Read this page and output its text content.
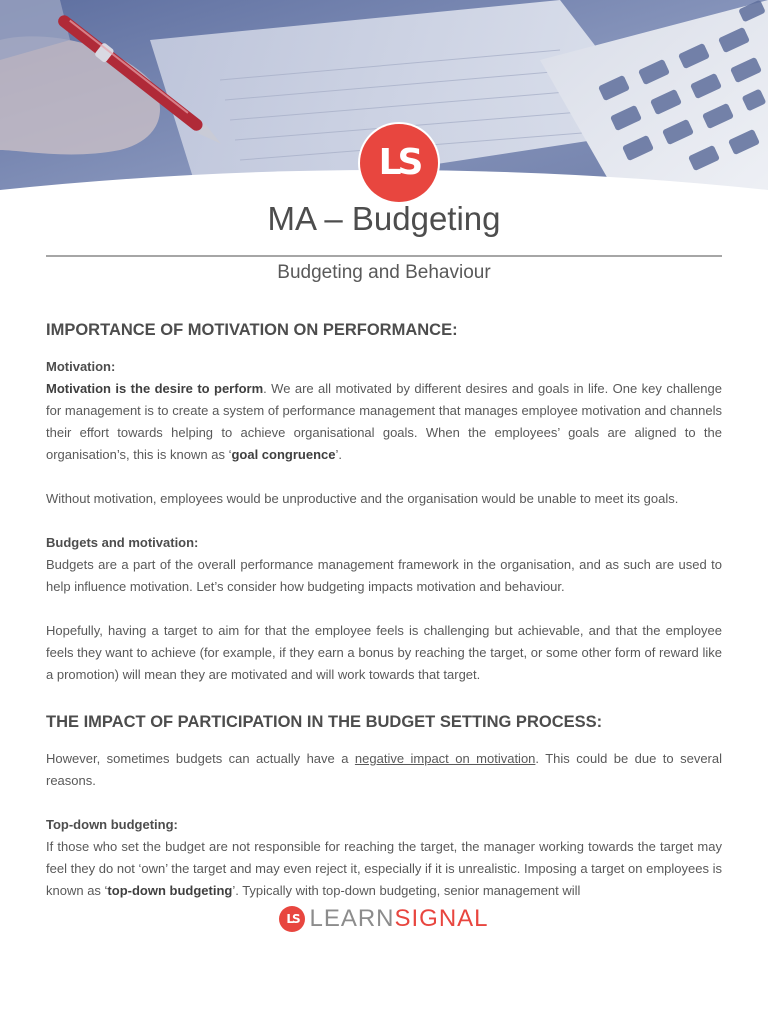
LS
MA – Budgeting
Budgeting and Behaviour
IMPORTANCE OF MOTIVATION ON PERFORMANCE:

Motivation:

Motivation is the desire to perform. We are all motivated by different desires and goals in life. One key challenge for management is to create a system of performance management that manages employee motivation and channels their effort towards helping to achieve organisational goals. When the employees’ goals are aligned to the organisation’s, this is known as ‘goal congruence’.

Without motivation, employees would be unproductive and the organisation would be unable to meet its goals.

Budgets and motivation:

Budgets are a part of the overall performance management framework in the organisation, and as such are used to help influence motivation. Let’s consider how budgeting impacts motivation and behaviour.

Hopefully, having a target to aim for that the employee feels is challenging but achievable, and that the employee feels they want to achieve (for example, if they earn a bonus by reaching the target, or some other form of reward like a promotion) will mean they are motivated and will work towards that target.

THE IMPACT OF PARTICIPATION IN THE BUDGET SETTING PROCESS:

However, sometimes budgets can actually have a negative impact on motivation. This could be due to several reasons.

Top-down budgeting:

If those who set the budget are not responsible for reaching the target, the manager working towards the target may feel they do not ‘own’ the target and may even reject it, especially if it is unrealistic. Imposing a target on employees is known as ‘top-down budgeting’. Typically with top-down budgeting, senior management will

LS LEARNSIGNAL
